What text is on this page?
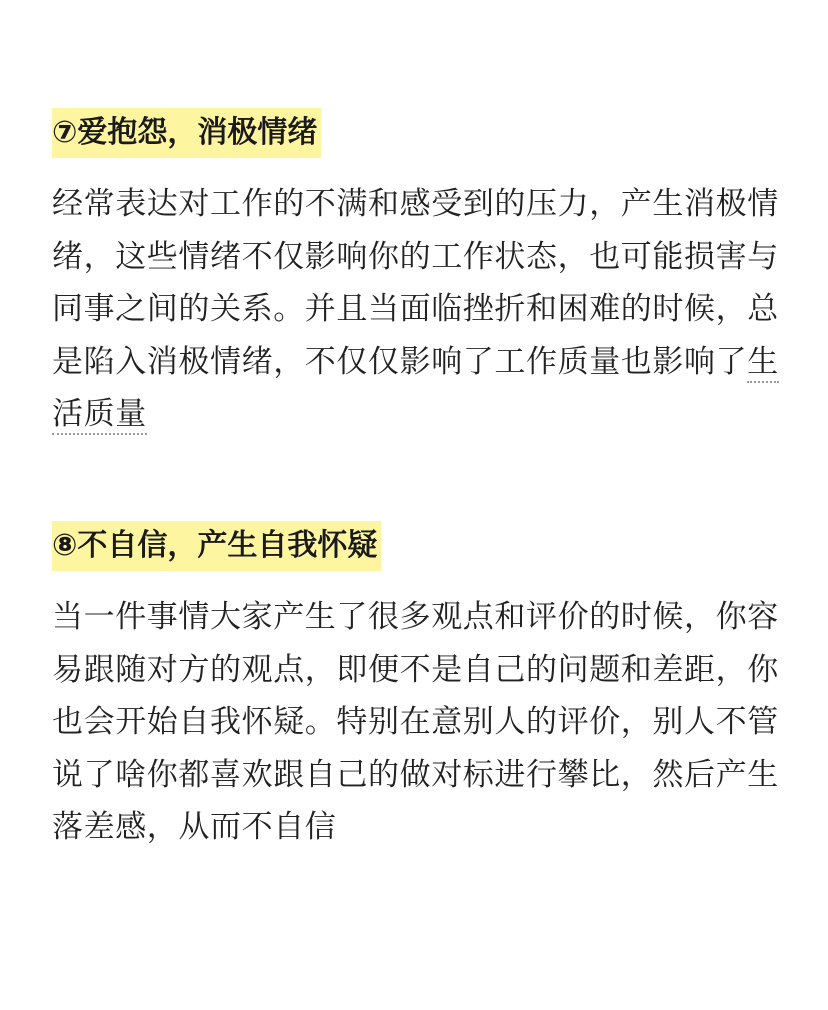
⑦爱抱怨，消极情绪

经常表达对工作的不满和感受到的压力，产生消极情绪，这些情绪不仅影响你的工作状态，也可能损害与同事之间的关系。并且当面临挫折和困难的时候，总是陷入消极情绪，不仅仅影响了工作质量也影响了生活质量

⑧不自信，产生自我怀疑

当一件事情大家产生了很多观点和评价的时候，你容易跟随对方的观点，即便不是自己的问题和差距，你也会开始自我怀疑。特别在意别人的评价，别人不管说了啥你都喜欢跟自己的做对标进行攀比，然后产生落差感，从而不自信
